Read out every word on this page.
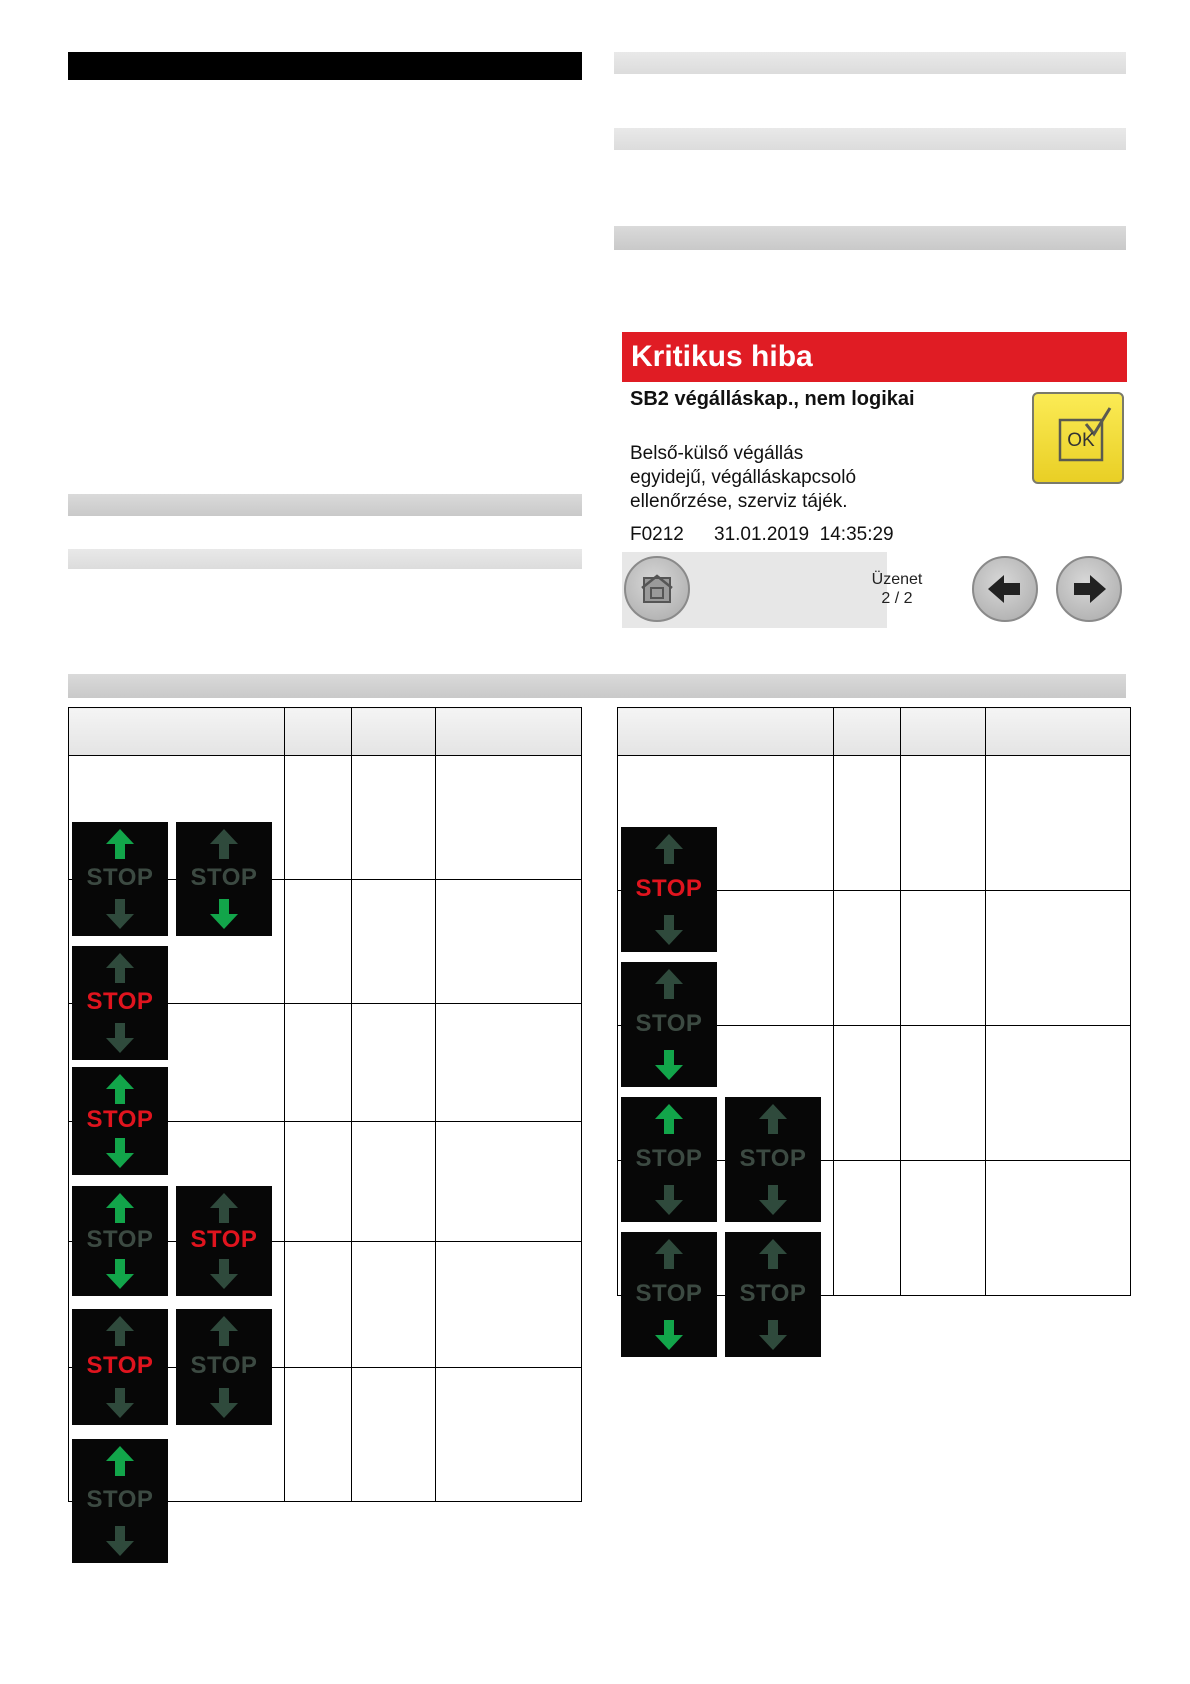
Kritikus hiba
SB2 végálláskap., nem logikai
Belső-külső végállás
egyidejű, végálláskapcsoló
ellenőrzése, szerviz tájék.
F0212 31.01.2019  14:35:29
OK
Üzenet
2 / 2

STOP STOP			

STOP			

STOP			

STOP STOP			

STOP STOP			

STOP			

STOP			

STOP			

STOP STOP			

STOP STOP			
